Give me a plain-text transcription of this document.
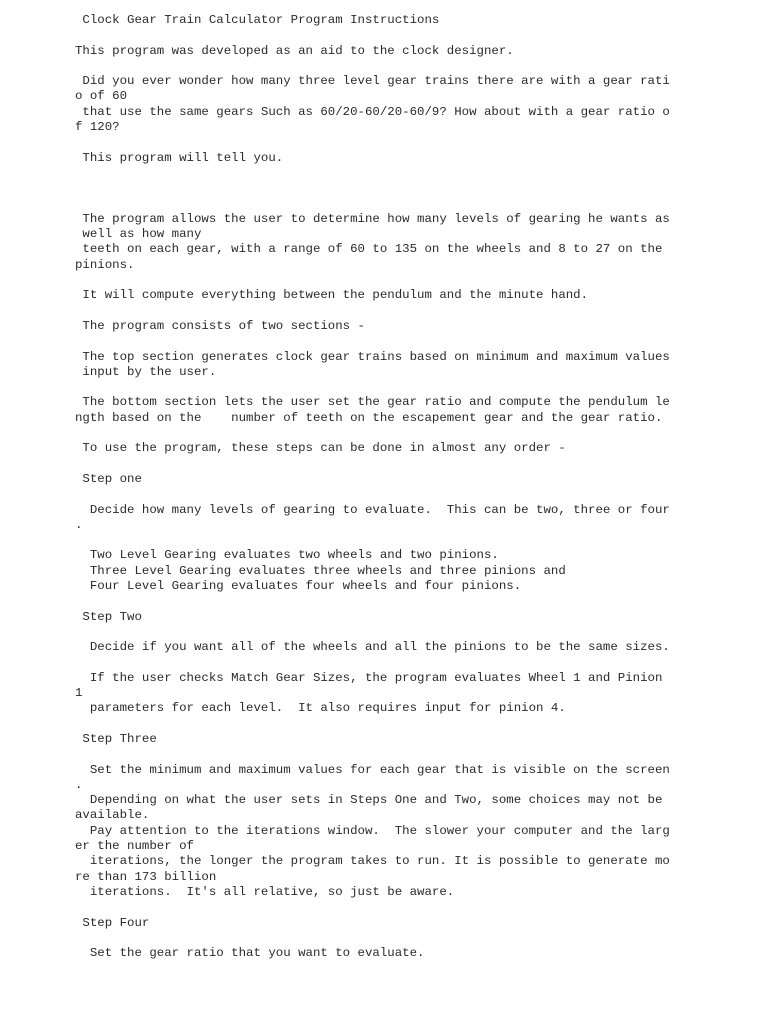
Clock Gear Train Calculator Program Instructions
This program was developed as an aid to the clock designer.
Did you ever wonder how many three level gear trains there are with a gear rati
o of 60
that use the same gears Such as 60/20-60/20-60/9? How about with a gear ratio o
f 120?
This program will tell you.

The program allows the user to determine how many levels of gearing he wants as
well as how many
teeth on each gear, with a range of 60 to 135 on the wheels and 8 to 27 on the
pinions.
It will compute everything between the pendulum and the minute hand.
The program consists of two sections -
The top section generates clock gear trains based on minimum and maximum values
input by the user.
The bottom section lets the user set the gear ratio and compute the pendulum le
ngth based on the    number of teeth on the escapement gear and the gear ratio.
To use the program, these steps can be done in almost any order -
Step one
Decide how many levels of gearing to evaluate.  This can be two, three or four
.
Two Level Gearing evaluates two wheels and two pinions.
Three Level Gearing evaluates three wheels and three pinions and
Four Level Gearing evaluates four wheels and four pinions.
Step Two
Decide if you want all of the wheels and all the pinions to be the same sizes.
If the user checks Match Gear Sizes, the program evaluates Wheel 1 and Pinion
1
parameters for each level.  It also requires input for pinion 4.
Step Three
Set the minimum and maximum values for each gear that is visible on the screen
.
Depending on what the user sets in Steps One and Two, some choices may not be
available.
Pay attention to the iterations window.  The slower your computer and the larg
er the number of
iterations, the longer the program takes to run. It is possible to generate mo
re than 173 billion
iterations.  It's all relative, so just be aware.
Step Four
Set the gear ratio that you want to evaluate.
